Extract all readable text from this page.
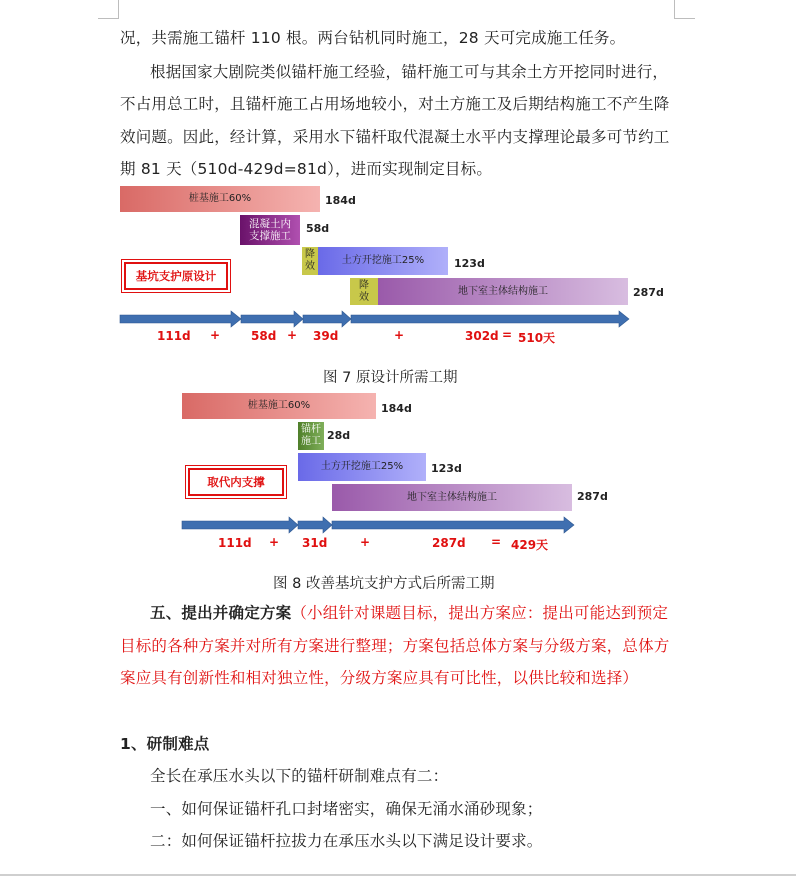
况，共需施工锚杆 110 根。两台钻机同时施工，28 天可完成施工任务。
根据国家大剧院类似锚杆施工经验，锚杆施工可与其余土方开挖同时进行，
不占用总工时，且锚杆施工占用场地较小，对土方施工及后期结构施工不产生降
效问题。因此，经计算，采用水下锚杆取代混凝土水平内支撑理论最多可节约工
期 81 天（510d-429d=81d），进而实现制定目标。
桩基施工60%	184d
混凝土内支撑施工
58d
降效
土方开挖施工25%	123d
降效
地下室主体结构施工	287d
基坑支护原设计
111d +	58d + 39d	+	302d = 510天
图 7 原设计所需工期
桩基施工60%	184d
锚杆施工 28d
土方开挖施工25%	123d
地下室主体结构施工	287d
取代内支撑
111d + 31d	+	287d = 429天
图 8 改善基坑支护方式后所需工期
五、提出并确定方案（小组针对课题目标，提出方案应：提出可能达到预定
目标的各种方案并对所有方案进行整理；方案包括总体方案与分级方案，总体方
案应具有创新性和相对独立性，分级方案应具有可比性，以供比较和选择）
1、研制难点
全长在承压水头以下的锚杆研制难点有二：
一、如何保证锚杆孔口封堵密实，确保无涌水涌砂现象；
二：如何保证锚杆拉拔力在承压水头以下满足设计要求。
